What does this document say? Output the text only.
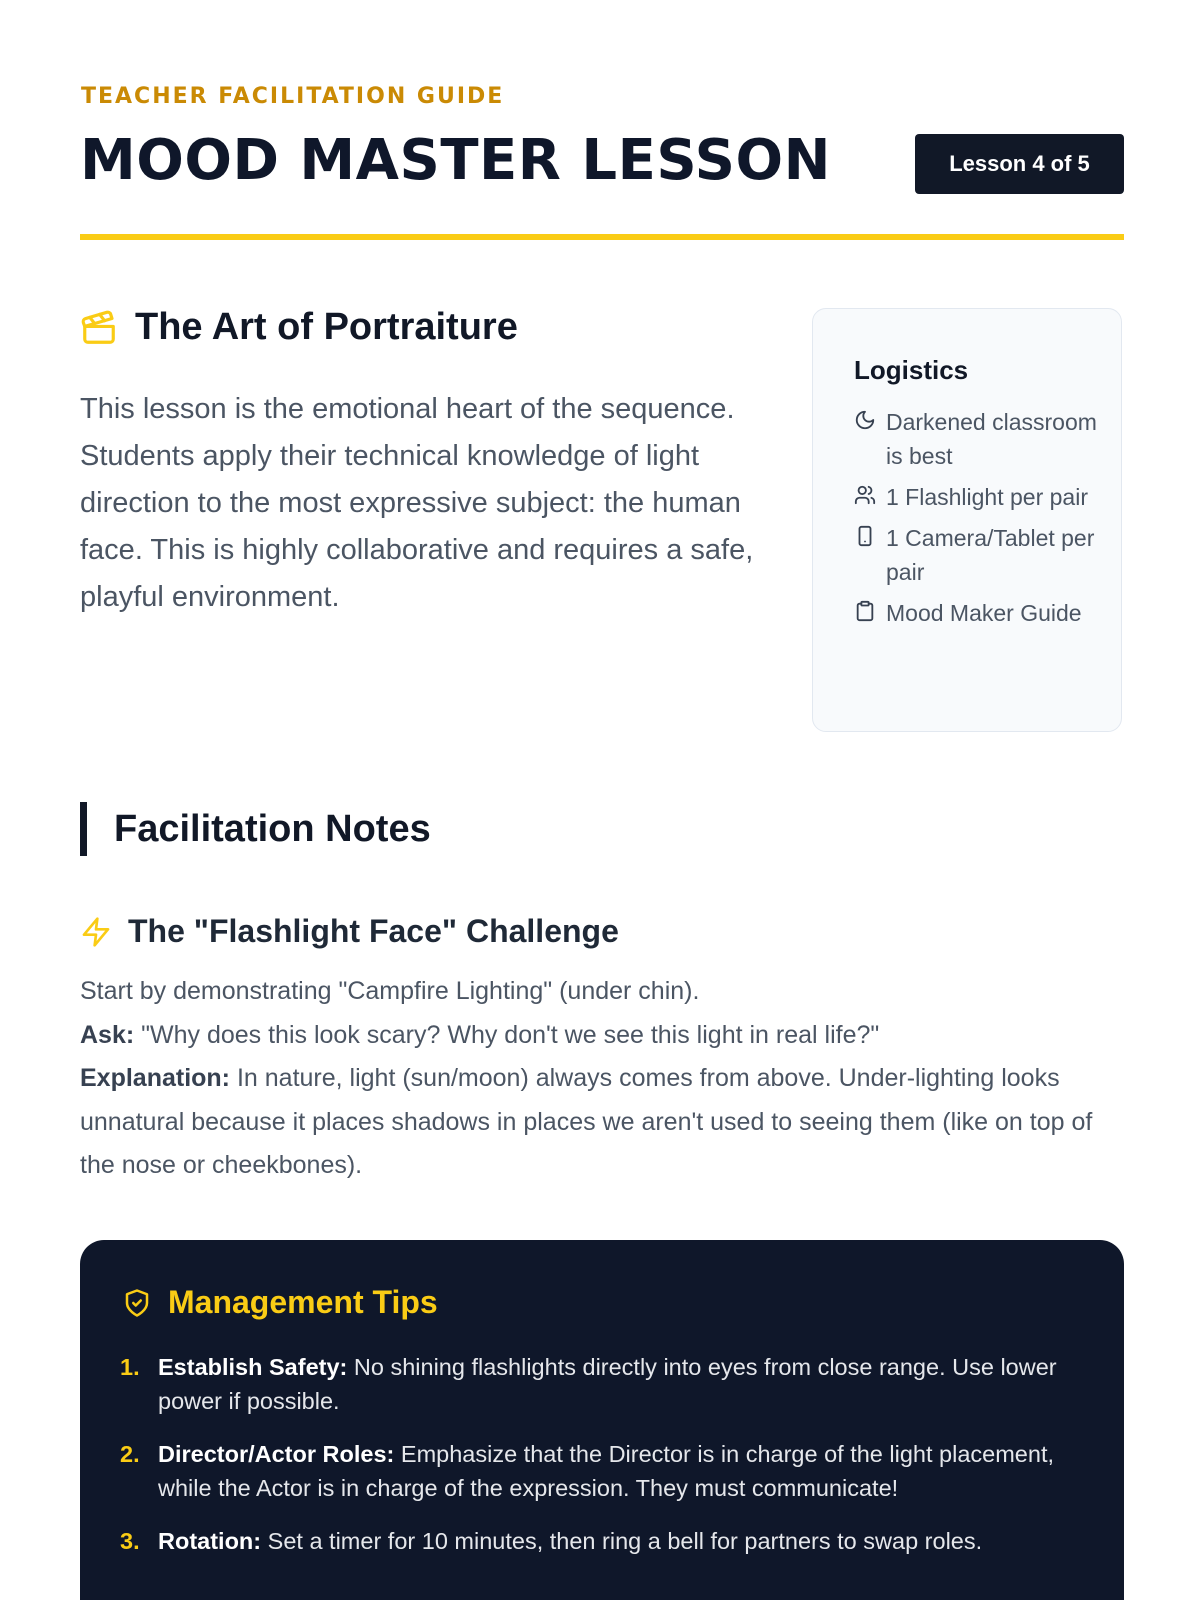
TEACHER FACILITATION GUIDE
MOOD MASTER LESSON	Lesson 4 of 5
The Art of Portraiture

This lesson is the emotional heart of the sequence. Students apply their technical knowledge of light direction to the most expressive subject: the human face. This is highly collaborative and requires a safe, playful environment.

Logistics
Darkened classroom is best
1 Flashlight per pair
1 Camera/Tablet per pair
Mood Maker Guide
Facilitation Notes
The "Flashlight Face" Challenge
Start by demonstrating "Campfire Lighting" (under chin).
Ask: "Why does this look scary? Why don't we see this light in real life?"
Explanation: In nature, light (sun/moon) always comes from above. Under-lighting looks unnatural because it places shadows in places we aren't used to seeing them (like on top of the nose or cheekbones).
Management Tips
1. Establish Safety: No shining flashlights directly into eyes from close range. Use lower power if possible.
2. Director/Actor Roles: Emphasize that the Director is in charge of the light placement, while the Actor is in charge of the expression. They must communicate!
3. Rotation: Set a timer for 10 minutes, then ring a bell for partners to swap roles.
